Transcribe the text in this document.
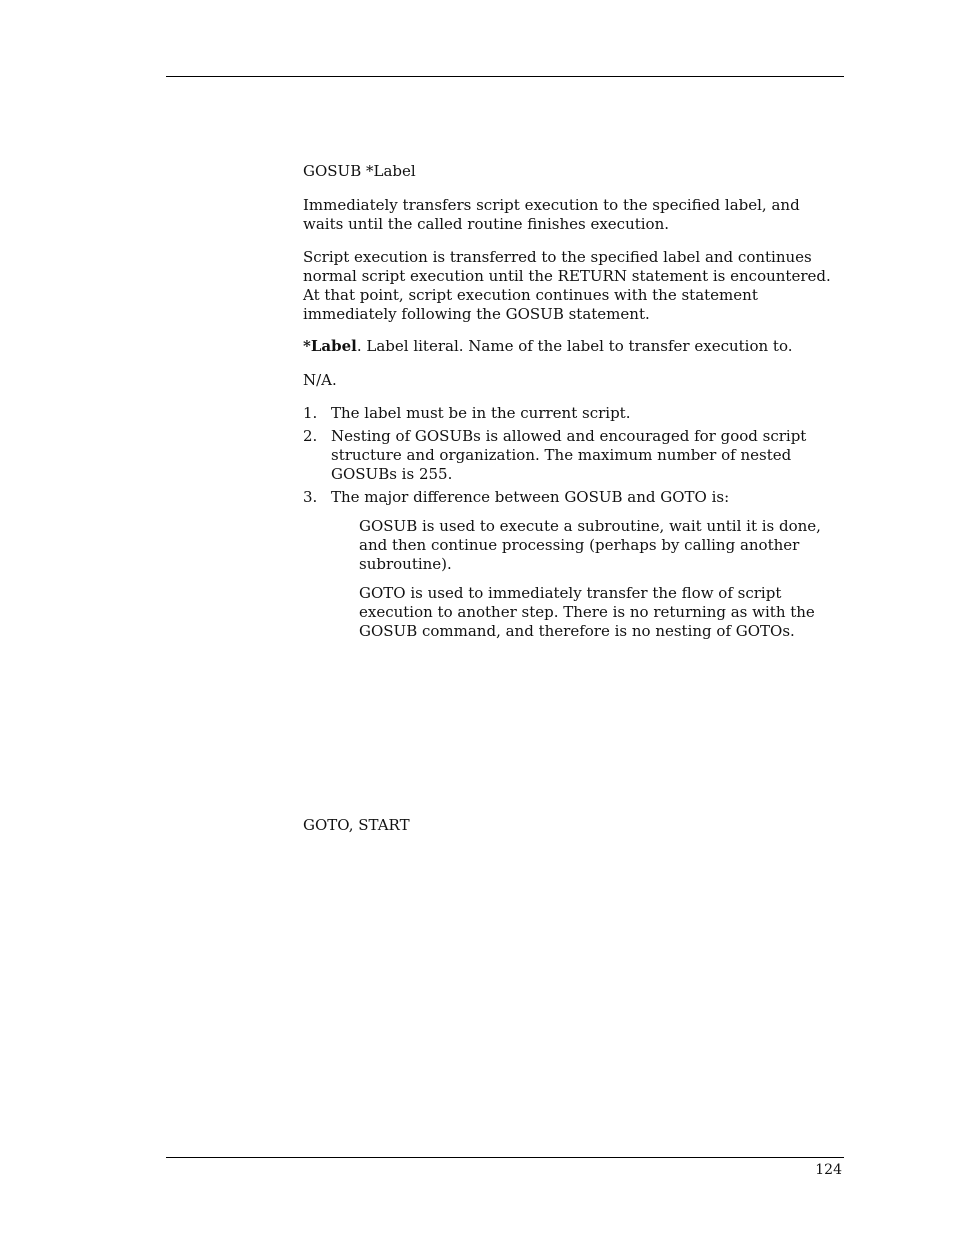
GOSUB *Label

Immediately transfers script execution to the specified label, and waits until the called routine finishes execution.

Script execution is transferred to the specified label and continues normal script execution until the RETURN statement is encountered. At that point, script execution continues with the statement immediately following the GOSUB statement.

*Label. Label literal. Name of the label to transfer execution to.

N/A.

1. The label must be in the current script.
2. Nesting of GOSUBs is allowed and encouraged for good script structure and organization. The maximum number of nested GOSUBs is 255.
3. The major difference between GOSUB and GOTO is:

GOSUB is used to execute a subroutine, wait until it is done, and then continue processing (perhaps by calling another subroutine).

GOTO is used to immediately transfer the flow of script execution to another step. There is no returning as with the GOSUB command, and therefore is no nesting of GOTOs.

GOTO, START

124
